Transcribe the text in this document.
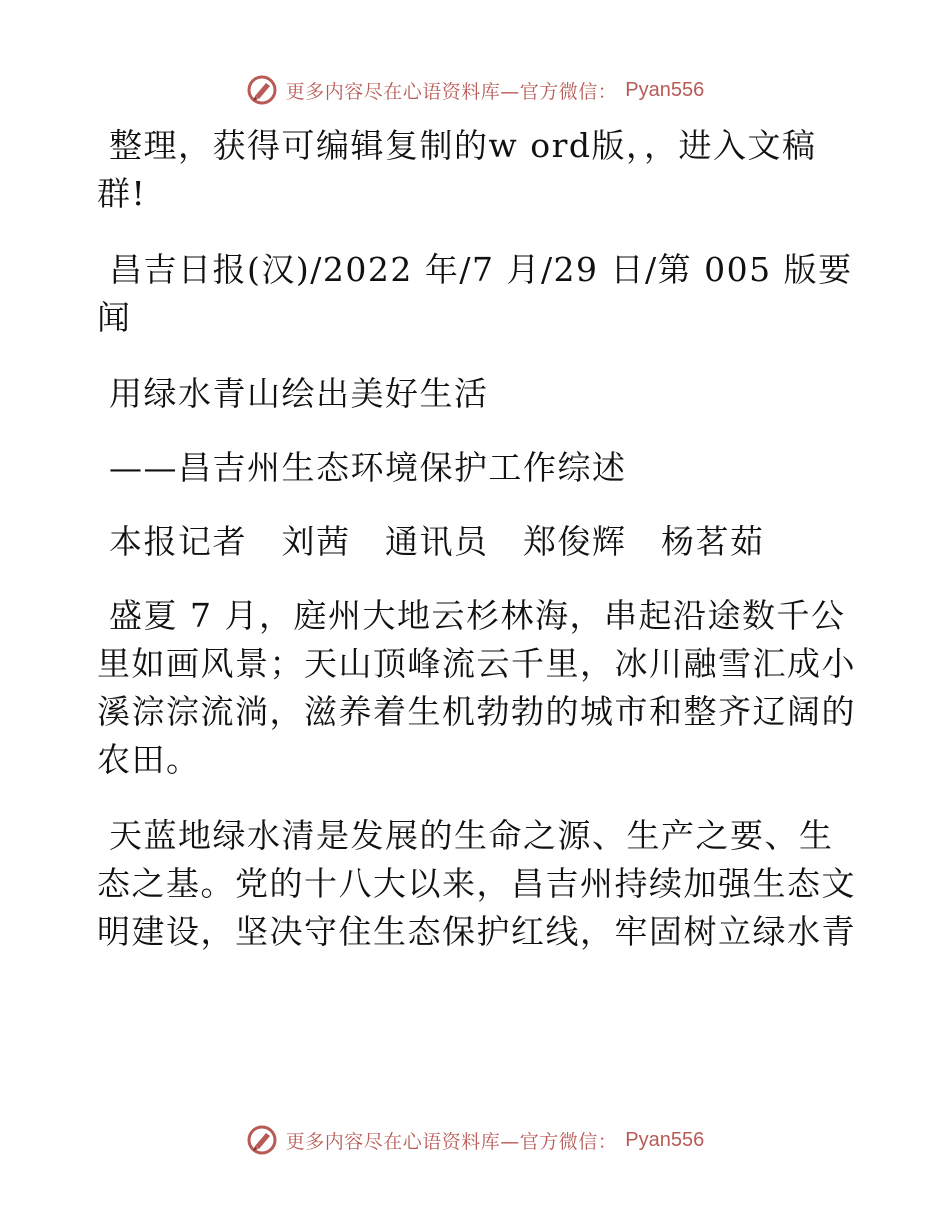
更多内容尽在心语资料库—官方微信： Pyan556

整理，获得可编辑复制的w ord版，，进入文稿群!

昌吉日报(汉)/2022 年/7 月/29 日/第 005 版要闻

用绿水青山绘出美好生活

——昌吉州生态环境保护工作综述

本报记者　刘茜　通讯员　郑俊辉　杨茗茹

盛夏 7 月，庭州大地云杉林海，串起沿途数千公里如画风景；天山顶峰流云千里，冰川融雪汇成小溪淙淙流淌，滋养着生机勃勃的城市和整齐辽阔的农田。

天蓝地绿水清是发展的生命之源、生产之要、生态之基。党的十八大以来，昌吉州持续加强生态文明建设，坚决守住生态保护红线，牢固树立绿水青

更多内容尽在心语资料库—官方微信： Pyan556
